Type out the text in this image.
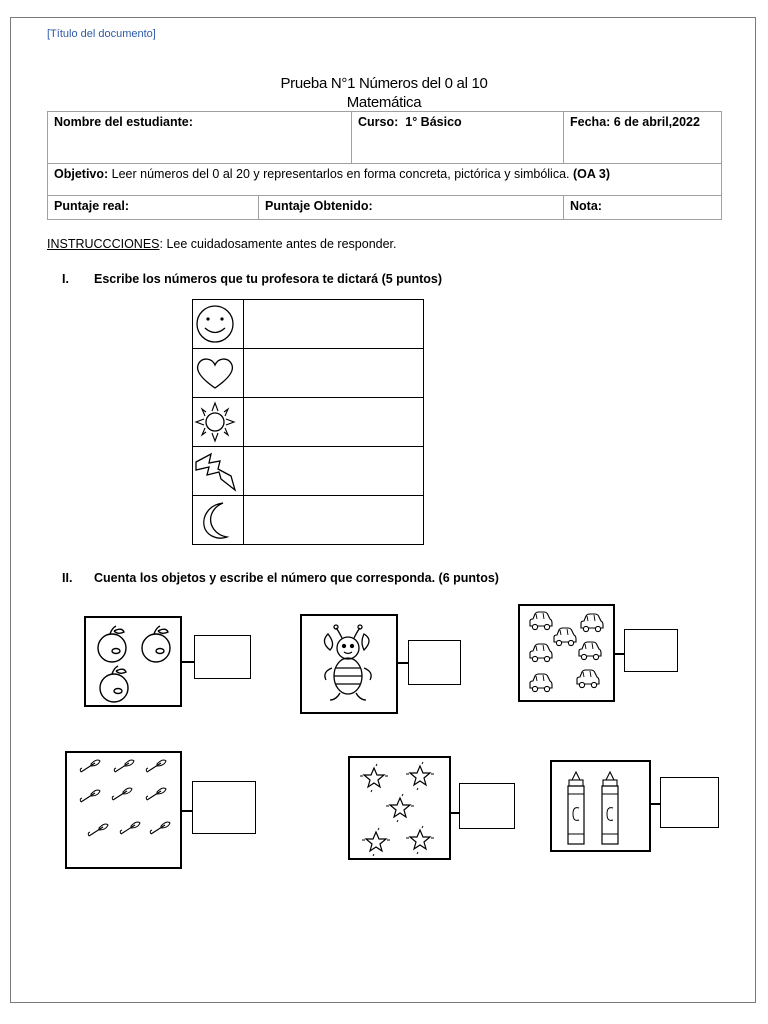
[Título del documento]
Prueba N°1 Números del 0 al 10
Matemática
Nombre del estudiante:		Curso: 1° Básico	Fecha: 6 de abril,2022
Objetivo: Leer números del 0 al 20 y representarlos en forma concreta, pictórica y simbólica. (OA 3)			
Puntaje real:	Puntaje Obtenido:		Nota:
INSTRUCCCIONES: Lee cuidadosamente antes de responder.
I. Escribe los números que tu profesora te dictará (5 puntos)

II. Cuenta los objetos y escribe el número que corresponda. (6 puntos)
